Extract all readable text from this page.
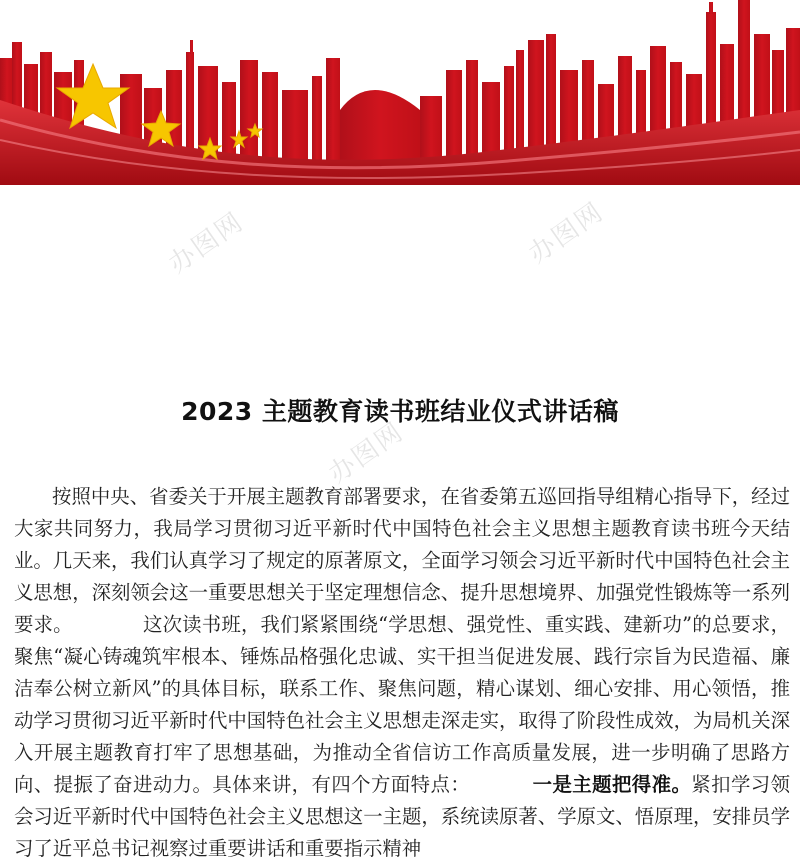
办图网	办图网
办图网
2023 主题教育读书班结业仪式讲话稿

按照中央、省委关于开展主题教育部署要求，在省委第五巡回指导组精心指导下，经过大家共同努力，我局学习贯彻习近平新时代中国特色社会主义思想主题教育读书班今天结业。几天来，我们认真学习了规定的原著原文，全面学习领会习近平新时代中国特色社会主义思想，深刻领会这一重要思想关于坚定理想信念、提升思想境界、加强党性锻炼等一系列要求。	这次读书班，我们紧紧围绕“学思想、强党性、重实践、建新功”的总要求，聚焦“凝心铸魂筑牢根本、锤炼品格强化忠诚、实干担当促进发展、践行宗旨为民造福、廉洁奉公树立新风”的具体目标，联系工作、聚焦问题，精心谋划、细心安排、用心领悟，推动学习贯彻习近平新时代中国特色社会主义思想走深走实，取得了阶段性成效，为局机关深入开展主题教育打牢了思想基础，为推动全省信访工作高质量发展，进一步明确了思路方向、提振了奋进动力。具体来讲，有四个方面特点：	一是主题把得准。紧扣学习领会习近平新时代中国特色社会主义思想这一主题，系统读原著、学原文、悟原理，安排员学习了近平总书记视察过重要讲话和重要指示精神
